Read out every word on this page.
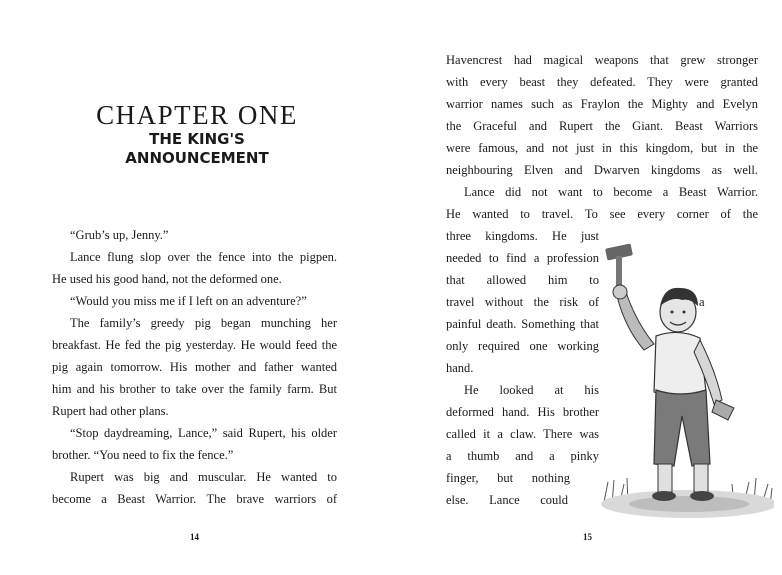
CHAPTER ONE
THE KING'S
ANNOUNCEMENT
“Grub’s up, Jenny.”
Lance flung slop over the fence into the pigpen.
He used his good hand, not the deformed one.
“Would you miss me if I left on an adventure?”
The family’s greedy pig began munching her
breakfast. He fed the pig yesterday. He would feed the
pig again tomorrow. His mother and father wanted
him and his brother to take over the family farm. But
Rupert had other plans.
“Stop daydreaming, Lance,” said Rupert, his older
brother. “You need to fix the fence.”
Rupert was big and muscular. He wanted to
become a Beast Warrior. The brave warriors of
14
Havencrest had magical weapons that grew stronger
with every beast they defeated. They were granted
warrior names such as Fraylon the Mighty and Evelyn
the Graceful and Rupert the Giant. Beast Warriors
were famous, and not just in this kingdom, but in the
neighbouring Elven and Dwarven kingdoms as well.
Lance did not want to become a Beast Warrior.
He wanted to travel. To see every corner of the
three kingdoms. He just
needed to find a profession
that allowed him to
travel without the risk of
painful death. Something that
only required one working
hand.
He looked at his
deformed hand. His brother
called it a claw. There was
a thumb and a pinky
finger, but nothing
else. Lance could
a
15
